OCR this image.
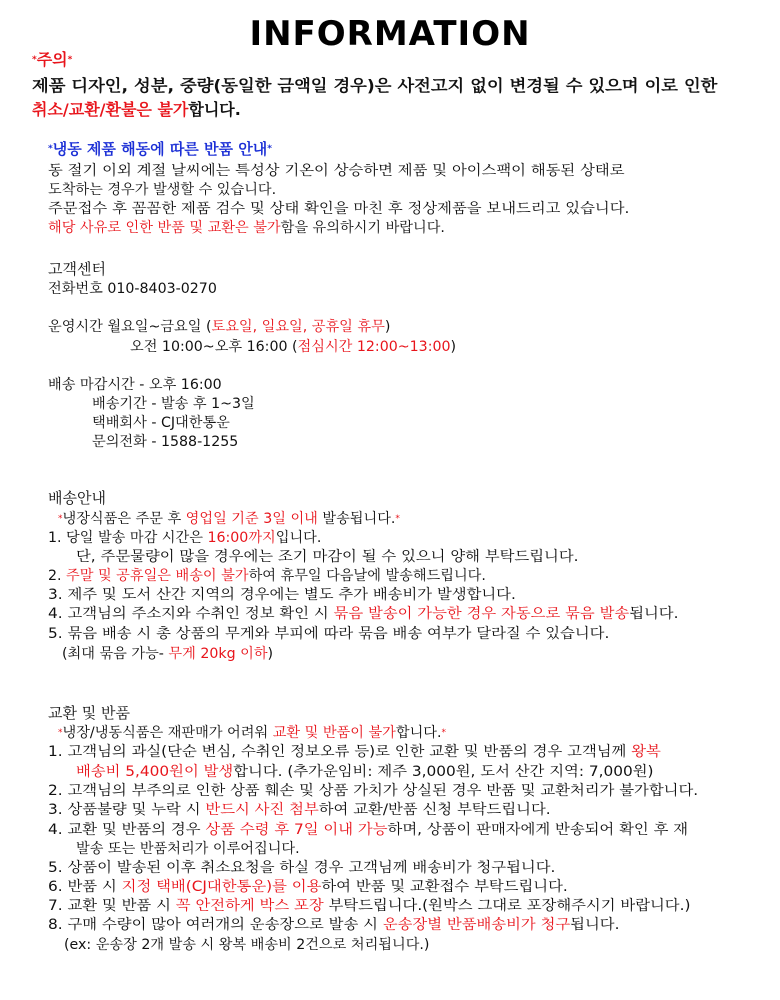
INFORMATION
*주의*
제품 디자인, 성분, 중량(동일한 금액일 경우)은 사전고지 없이 변경될 수 있으며 이로 인한
취소/교환/환불은 불가합니다.
*냉동 제품 해동에 따른 반품 안내*
동 절기 이외 계절 날씨에는 특성상 기온이 상승하면 제품 및 아이스팩이 해동된 상태로
도착하는 경우가 발생할 수 있습니다.
주문접수 후 꼼꼼한 제품 검수 및 상태 확인을 마친 후 정상제품을 보내드리고 있습니다.
해당 사유로 인한 반품 및 교환은 불가함을 유의하시기 바랍니다.
고객센터
전화번호 010-8403-0270
운영시간 월요일~금요일 (토요일, 일요일, 공휴일 휴무)
오전 10:00~오후 16:00 (점심시간 12:00~13:00)
배송 마감시간 - 오후 16:00
배송기간 - 발송 후 1~3일
택배회사 - CJ대한통운
문의전화 - 1588-1255
배송안내
*냉장식품은 주문 후 영업일 기준 3일 이내 발송됩니다.*
1. 당일 발송 마감 시간은 16:00까지입니다.
단, 주문물량이 많을 경우에는 조기 마감이 될 수 있으니 양해 부탁드립니다.
2. 주말 및 공휴일은 배송이 불가하여 휴무일 다음날에 발송해드립니다.
3. 제주 및 도서 산간 지역의 경우에는 별도 추가 배송비가 발생합니다.
4. 고객님의 주소지와 수취인 정보 확인 시 묶음 발송이 가능한 경우 자동으로 묶음 발송됩니다.
5. 묶음 배송 시 총 상품의 무게와 부피에 따라 묶음 배송 여부가 달라질 수 있습니다.
(최대 묶음 가능- 무게 20kg 이하)
교환 및 반품
*냉장/냉동식품은 재판매가 어려워 교환 및 반품이 불가합니다.*
1. 고객님의 과실(단순 변심, 수취인 정보오류 등)로 인한 교환 및 반품의 경우 고객님께 왕복
배송비 5,400원이 발생합니다. (추가운임비: 제주 3,000원, 도서 산간 지역: 7,000원)
2. 고객님의 부주의로 인한 상품 훼손 및 상품 가치가 상실된 경우 반품 및 교환처리가 불가합니다.
3. 상품불량 및 누락 시 반드시 사진 첨부하여 교환/반품 신청 부탁드립니다.
4. 교환 및 반품의 경우 상품 수령 후 7일 이내 가능하며, 상품이 판매자에게 반송되어 확인 후 재
발송 또는 반품처리가 이루어집니다.
5. 상품이 발송된 이후 취소요청을 하실 경우 고객님께 배송비가 청구됩니다.
6. 반품 시 지정 택배(CJ대한통운)를 이용하여 반품 및 교환접수 부탁드립니다.
7. 교환 및 반품 시 꼭 안전하게 박스 포장 부탁드립니다.(원박스 그대로 포장해주시기 바랍니다.)
8. 구매 수량이 많아 여러개의 운송장으로 발송 시 운송장별 반품배송비가 청구됩니다.
(ex: 운송장 2개 발송 시 왕복 배송비 2건으로 처리됩니다.)
